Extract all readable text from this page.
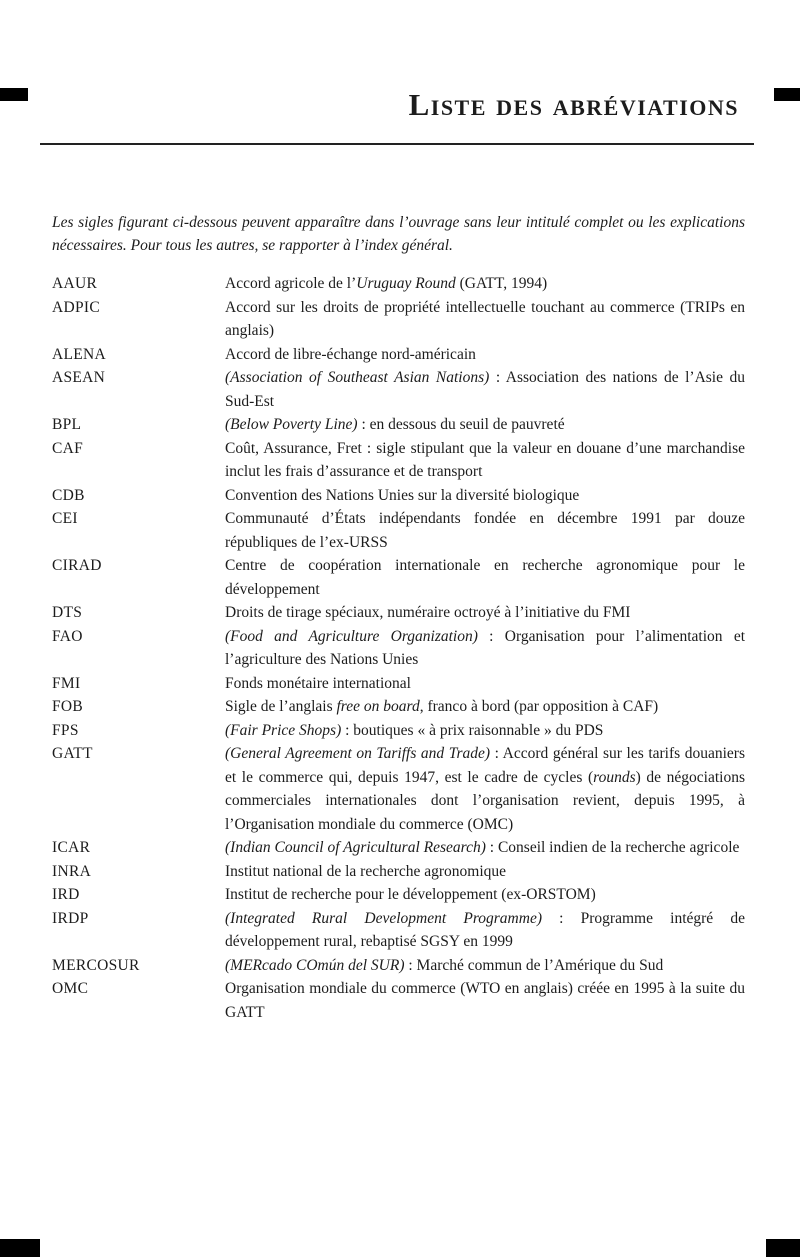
Liste des abréviations

Les sigles figurant ci-dessous peuvent apparaître dans l’ouvrage sans leur intitulé complet ou les explications nécessaires. Pour tous les autres, se rapporter à l’index général.

AAUR	Accord agricole de l’Uruguay Round (GATT, 1994)
ADPIC	Accord sur les droits de propriété intellectuelle touchant au commerce (TRIPs en anglais)
ALENA	Accord de libre-échange nord-américain
ASEAN	(Association of Southeast Asian Nations) : Association des nations de l’Asie du Sud-Est
BPL	(Below Poverty Line) : en dessous du seuil de pauvreté
CAF	Coût, Assurance, Fret : sigle stipulant que la valeur en douane d’une marchandise inclut les frais d’assurance et de transport
CDB	Convention des Nations Unies sur la diversité biologique
CEI	Communauté d’États indépendants fondée en décembre 1991 par douze républiques de l’ex-URSS
CIRAD	Centre de coopération internationale en recherche agronomique pour le développement
DTS	Droits de tirage spéciaux, numéraire octroyé à l’initiative du FMI
FAO	(Food and Agriculture Organization) : Organisation pour l’alimentation et l’agriculture des Nations Unies
FMI	Fonds monétaire international
FOB	Sigle de l’anglais free on board, franco à bord (par opposition à CAF)
FPS	(Fair Price Shops) : boutiques « à prix raisonnable » du PDS
GATT	(General Agreement on Tariffs and Trade) : Accord général sur les tarifs douaniers et le commerce qui, depuis 1947, est le cadre de cycles (rounds) de négociations commerciales internationales dont l’organisation revient, depuis 1995, à l’Organisation mondiale du commerce (OMC)
ICAR	(Indian Council of Agricultural Research) : Conseil indien de la recherche agricole
INRA	Institut national de la recherche agronomique
IRD	Institut de recherche pour le développement (ex-ORSTOM)
IRDP	(Integrated Rural Development Programme) : Programme intégré de développement rural, rebaptisé SGSY en 1999
MERCOSUR	(MERcado COmún del SUR) : Marché commun de l’Amérique du Sud
OMC	Organisation mondiale du commerce (WTO en anglais) créée en 1995 à la suite du GATT
